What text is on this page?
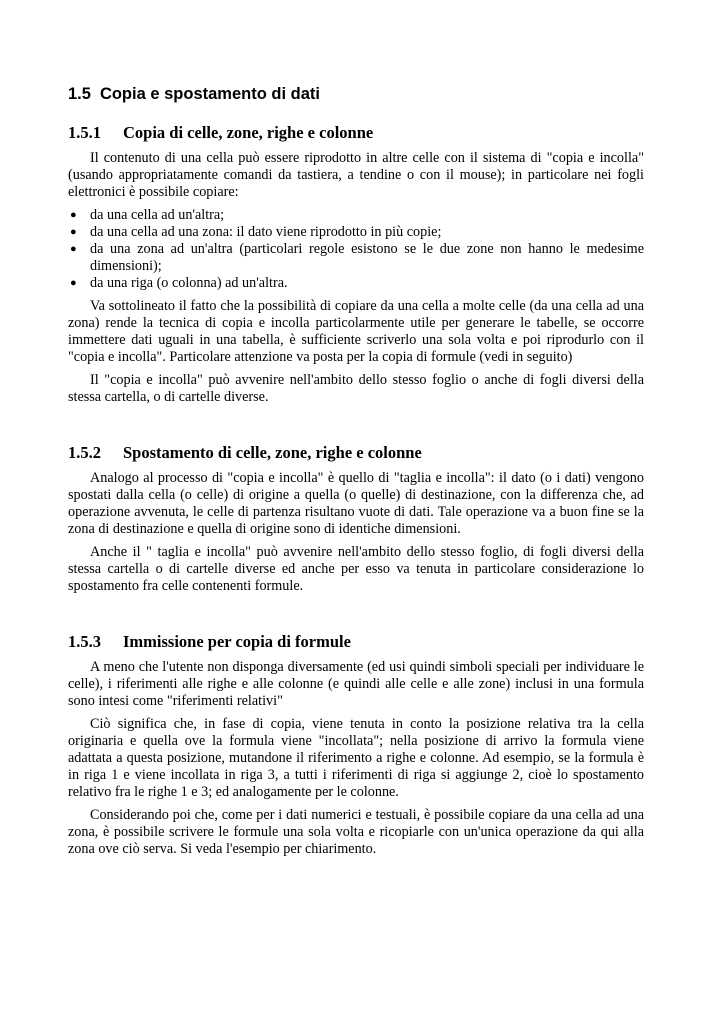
1.5 Copia e spostamento di dati
1.5.1 Copia di celle, zone, righe e colonne

Il contenuto di una cella può essere riprodotto in altre celle con il sistema di "copia e incolla" (usando appropriatamente comandi da tastiera, a tendine o con il mouse); in particolare nei fogli elettronici è possibile copiare:

● da una cella ad un'altra;
● da una cella ad una zona: il dato viene riprodotto in più copie;
● da una zona ad un'altra (particolari regole esistono se le due zone non hanno le medesime dimensioni);
● da una riga (o colonna) ad un'altra.

Va sottolineato il fatto che la possibilità di copiare da una cella a molte celle (da una cella ad una zona) rende la tecnica di copia e incolla particolarmente utile per generare le tabelle, se occorre immettere dati uguali in una tabella, è sufficiente scriverlo una sola volta e poi riprodurlo con il "copia e incolla". Particolare attenzione va posta per la copia di formule (vedi in seguito)

Il "copia e incolla" può avvenire nell'ambito dello stesso foglio o anche di fogli diversi della stessa cartella, o di cartelle diverse.

1.5.2 Spostamento di celle, zone, righe e colonne

Analogo al processo di "copia e incolla" è quello di "taglia e incolla": il dato (o i dati) vengono spostati dalla cella (o celle) di origine a quella (o quelle) di destinazione, con la differenza che, ad operazione avvenuta, le celle di partenza risultano vuote di dati. Tale operazione va a buon fine se la zona di destinazione e quella di origine sono di identiche dimensioni.

Anche il " taglia e incolla" può avvenire nell'ambito dello stesso foglio, di fogli diversi della stessa cartella o di cartelle diverse ed anche per esso va tenuta in particolare considerazione lo spostamento fra celle contenenti formule.

1.5.3 Immissione per copia di formule

A meno che l'utente non disponga diversamente (ed usi quindi simboli speciali per individuare le celle), i riferimenti alle righe e alle colonne (e quindi alle celle e alle zone) inclusi in una formula sono intesi come "riferimenti relativi"

Ciò significa che, in fase di copia, viene tenuta in conto la posizione relativa tra la cella originaria e quella ove la formula viene "incollata"; nella posizione di arrivo la formula viene adattata a questa posizione, mutandone il riferimento a righe e colonne. Ad esempio, se la formula è in riga 1 e viene incollata in riga 3, a tutti i riferimenti di riga si aggiunge 2, cioè lo spostamento relativo fra le righe 1 e 3; ed analogamente per le colonne.

Considerando poi che, come per i dati numerici e testuali, è possibile copiare da una cella ad una zona, è possibile scrivere le formule una sola volta e ricopiarle con un'unica operazione da qui alla zona ove ciò serva. Si veda l'esempio per chiarimento.
